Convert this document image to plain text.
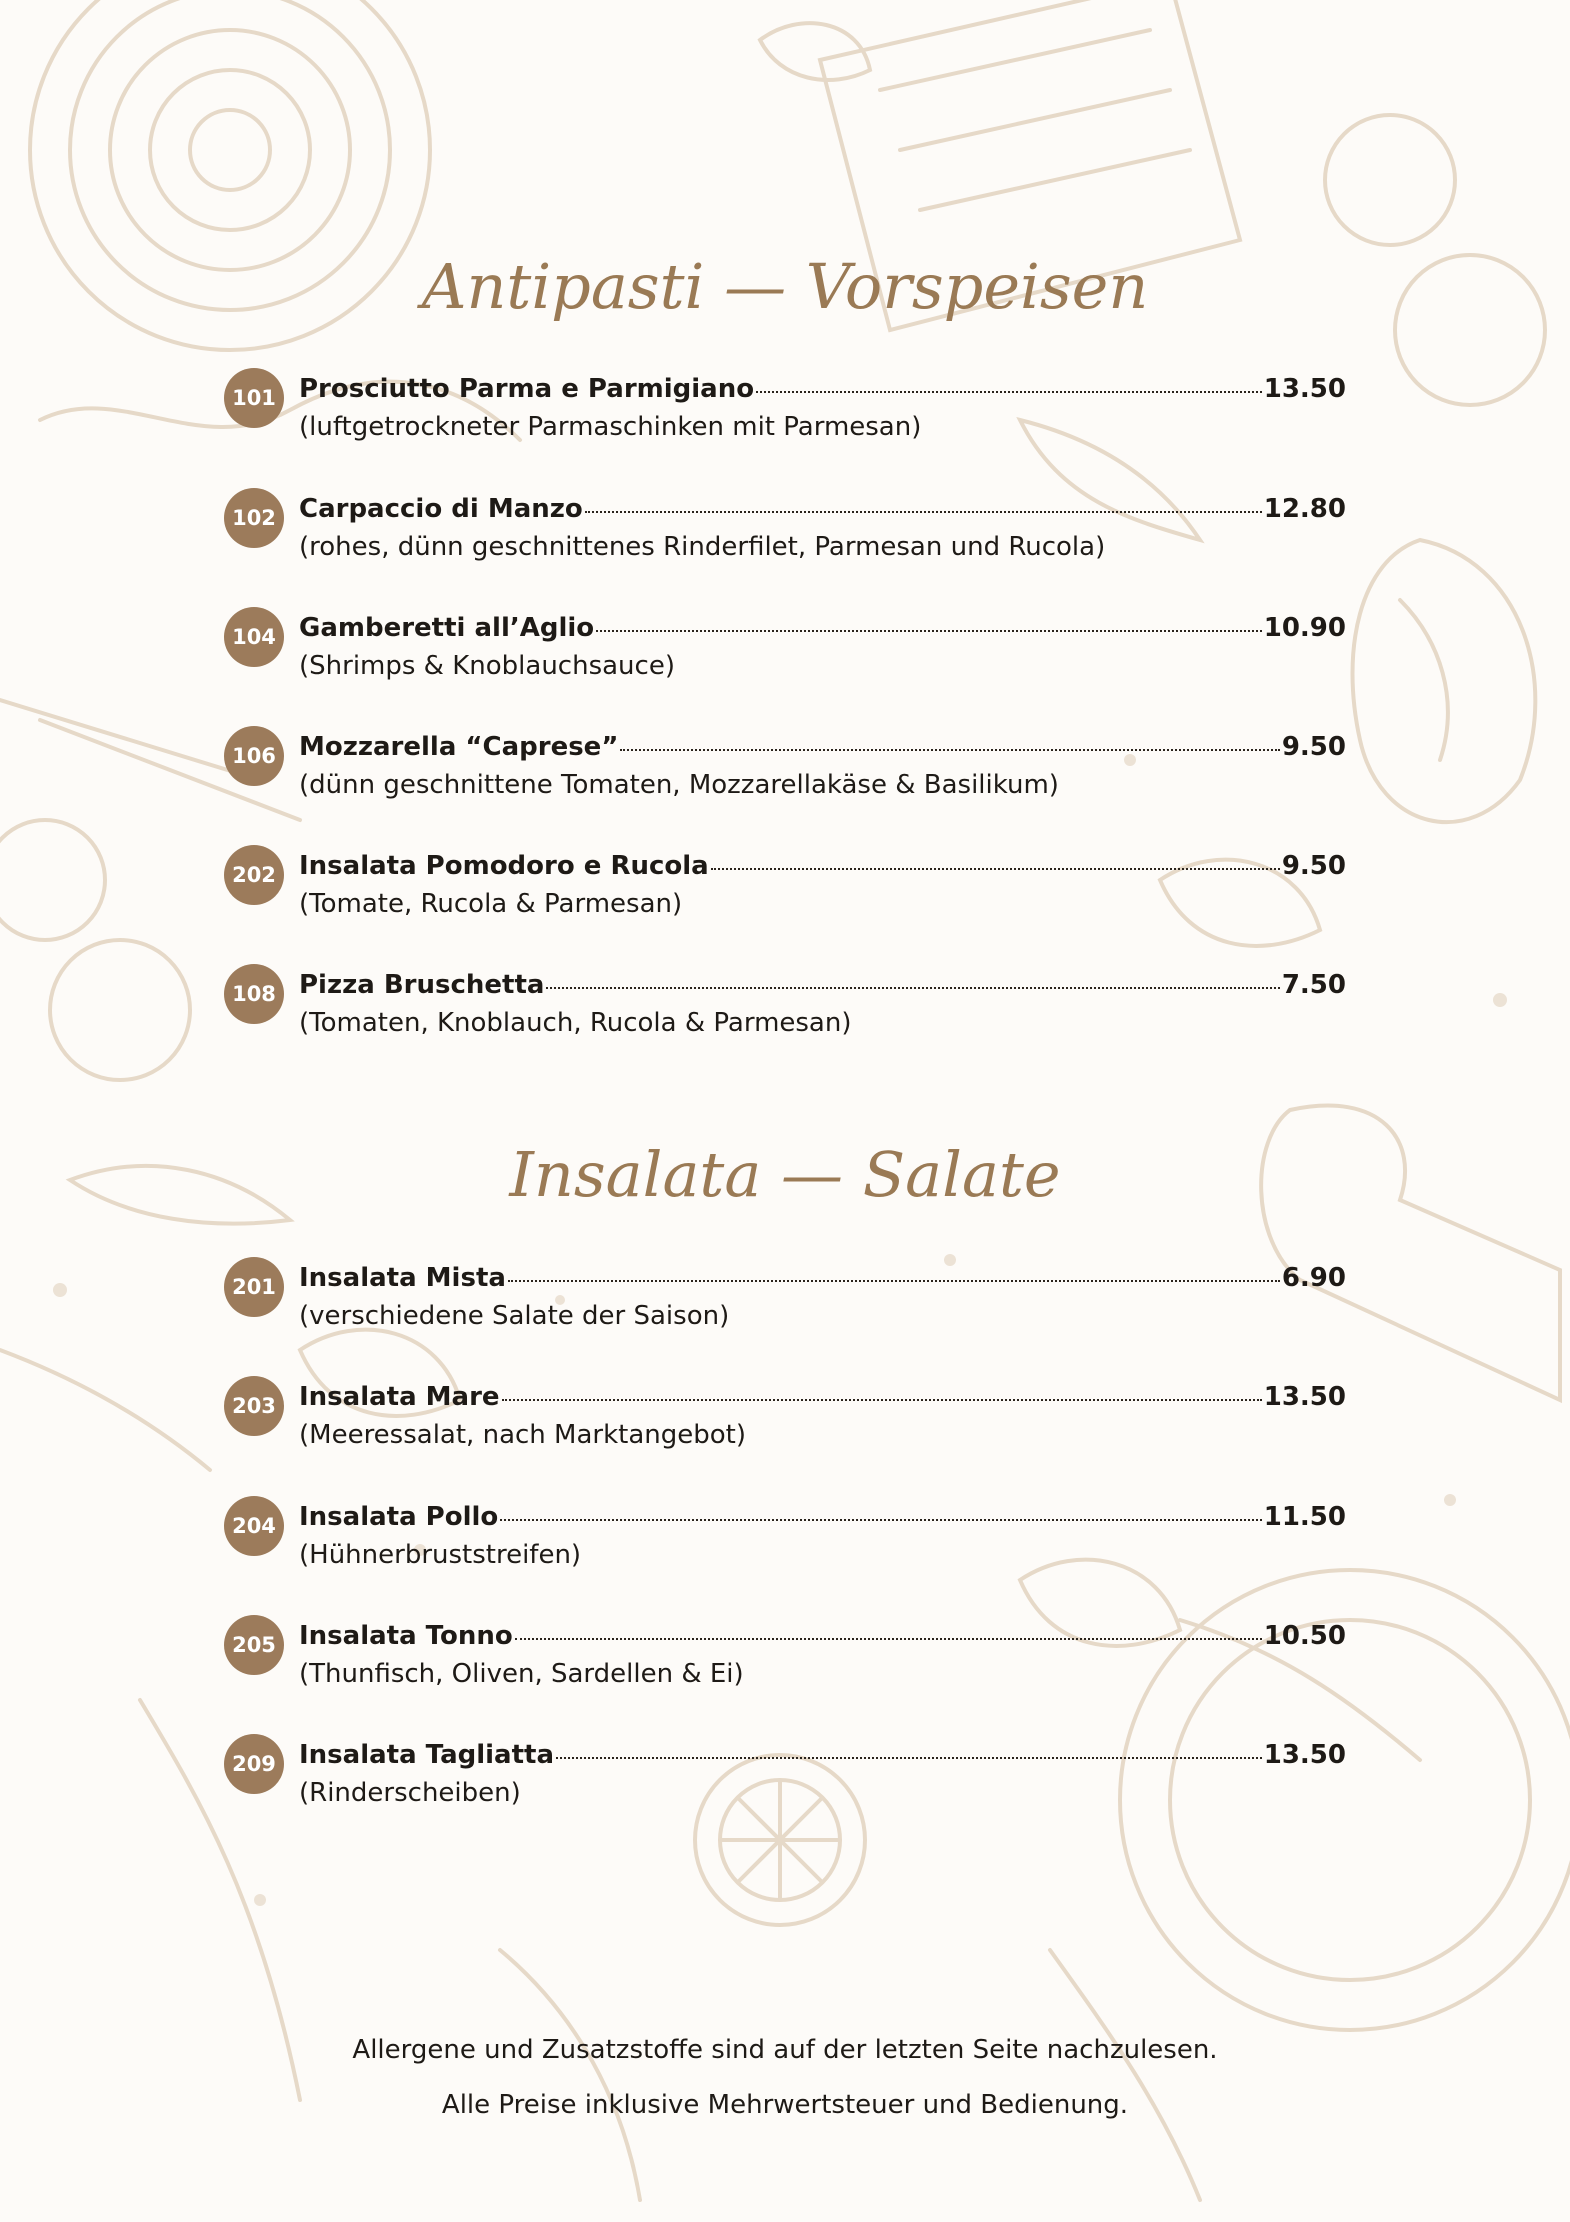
Antipasti — Vorspeisen
101 Prosciutto Parma e Parmigiano	13.50
(luftgetrockneter Parmaschinken mit Parmesan)
102 Carpaccio di Manzo	12.80
(rohes, dünn geschnittenes Rinderfilet, Parmesan und Rucola)
104 Gamberetti all’Aglio	10.90
(Shrimps & Knoblauchsauce)
106 Mozzarella “Caprese”	9.50
(dünn geschnittene Tomaten, Mozzarellakäse & Basilikum)
202 Insalata Pomodoro e Rucola	9.50
(Tomate, Rucola & Parmesan)
108 Pizza Bruschetta	7.50
(Tomaten, Knoblauch, Rucola & Parmesan)
Insalata — Salate
201 Insalata Mista	6.90
(verschiedene Salate der Saison)
203 Insalata Mare	13.50
(Meeressalat, nach Marktangebot)
204 Insalata Pollo	11.50
(Hühnerbruststreifen)
205 Insalata Tonno	10.50
(Thunfisch, Oliven, Sardellen & Ei)
209 Insalata Tagliatta	13.50
(Rinderscheiben)
Allergene und Zusatzstoffe sind auf der letzten Seite nachzulesen.
Alle Preise inklusive Mehrwertsteuer und Bedienung.
